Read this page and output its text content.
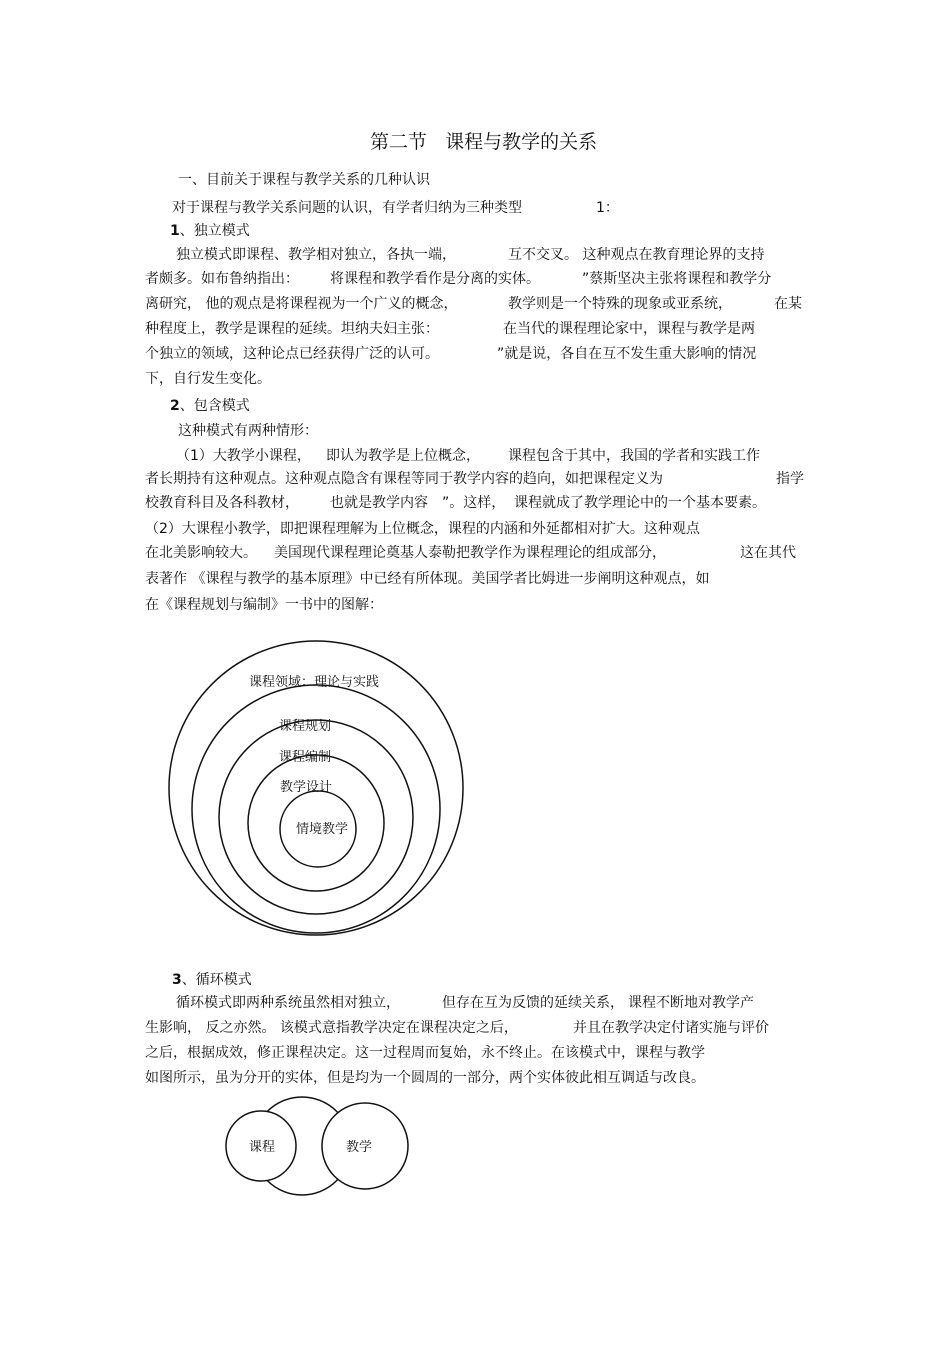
第二节   课程与教学的关系
一、目前关于课程与教学关系的几种认识
对于课程与教学关系问题的认识，有学者归纳为三种类型	1：
1、独立模式
独立模式即课程、教学相对独立，各执一端，	互不交叉。 这种观点在教育理论界的支持
者颇多。如布鲁纳指出： 将课程和教学看作是分离的实体。	”蔡斯坚决主张将课程和教学分
离研究， 他的观点是将课程视为一个广义的概念，	教学则是一个特殊的现象或亚系统，	在某
种程度上，教学是课程的延续。坦纳夫妇主张：	在当代的课程理论家中，课程与教学是两
个独立的领域，这种论点已经获得广泛的认可。	”就是说，各自在互不发生重大影响的情况
下，自行发生变化。
2、包含模式
这种模式有两种情形：
（1）大教学小课程， 即认为教学是上位概念， 课程包含于其中，我国的学者和实践工作
者长期持有这种观点。这种观点隐含有课程等同于教学内容的趋向，如把课程定义为	指学
校教育科目及各科教材， 也就是教学内容 ”。这样， 课程就成了教学理论中的一个基本要素。
（2）大课程小教学，即把课程理解为上位概念，课程的内涵和外延都相对扩大。这种观点
在北美影响较大。 美国现代课程理论奠基人泰勒把教学作为课程理论的组成部分，	这在其代
表著作 《课程与教学的基本原理》中已经有所体现。美国学者比姆进一步阐明这种观点，如
在《课程规划与编制》一书中的图解：
课程领域：理论与实践
课程规划
课程编制
教学设计
情境教学
3、循环模式
循环模式即两种系统虽然相对独立，	但存在互为反馈的延续关系， 课程不断地对教学产
生影响， 反之亦然。 该模式意指教学决定在课程决定之后，	并且在教学决定付诸实施与评价
之后，根据成效，修正课程决定。这一过程周而复始，永不终止。在该模式中，课程与教学
如图所示，虽为分开的实体，但是均为一个圆周的一部分，两个实体彼此相互调适与改良。
课程	教学
